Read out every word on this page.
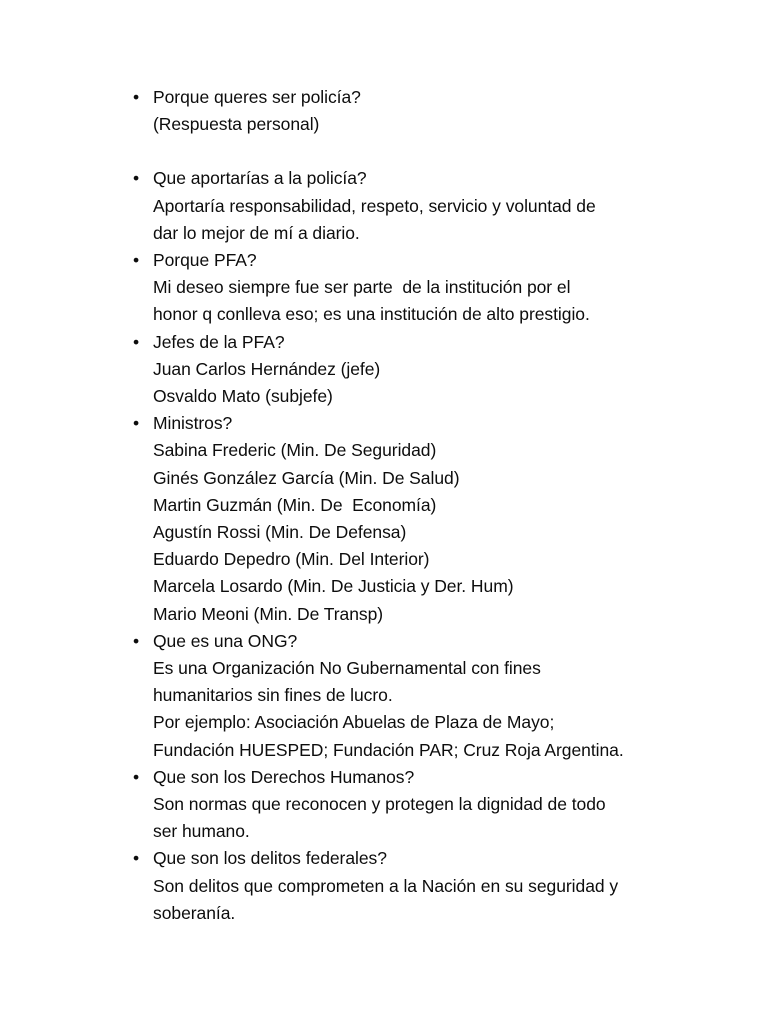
• Porque queres ser policía?
(Respuesta personal)
• Que aportarías a la policía?
Aportaría responsabilidad, respeto, servicio y voluntad de
dar lo mejor de mí a diario.
• Porque PFA?
Mi deseo siempre fue ser parte  de la institución por el
honor q conlleva eso; es una institución de alto prestigio.
• Jefes de la PFA?
Juan Carlos Hernández (jefe)
Osvaldo Mato (subjefe)
• Ministros?
Sabina Frederic (Min. De Seguridad)
Ginés González García (Min. De Salud)
Martin Guzmán (Min. De  Economía)
Agustín Rossi (Min. De Defensa)
Eduardo Depedro (Min. Del Interior)
Marcela Losardo (Min. De Justicia y Der. Hum)
Mario Meoni (Min. De Transp)
• Que es una ONG?
Es una Organización No Gubernamental con fines
humanitarios sin fines de lucro.
Por ejemplo: Asociación Abuelas de Plaza de Mayo;
Fundación HUESPED; Fundación PAR; Cruz Roja Argentina.
• Que son los Derechos Humanos?
Son normas que reconocen y protegen la dignidad de todo
ser humano.
• Que son los delitos federales?
Son delitos que comprometen a la Nación en su seguridad y
soberanía.
